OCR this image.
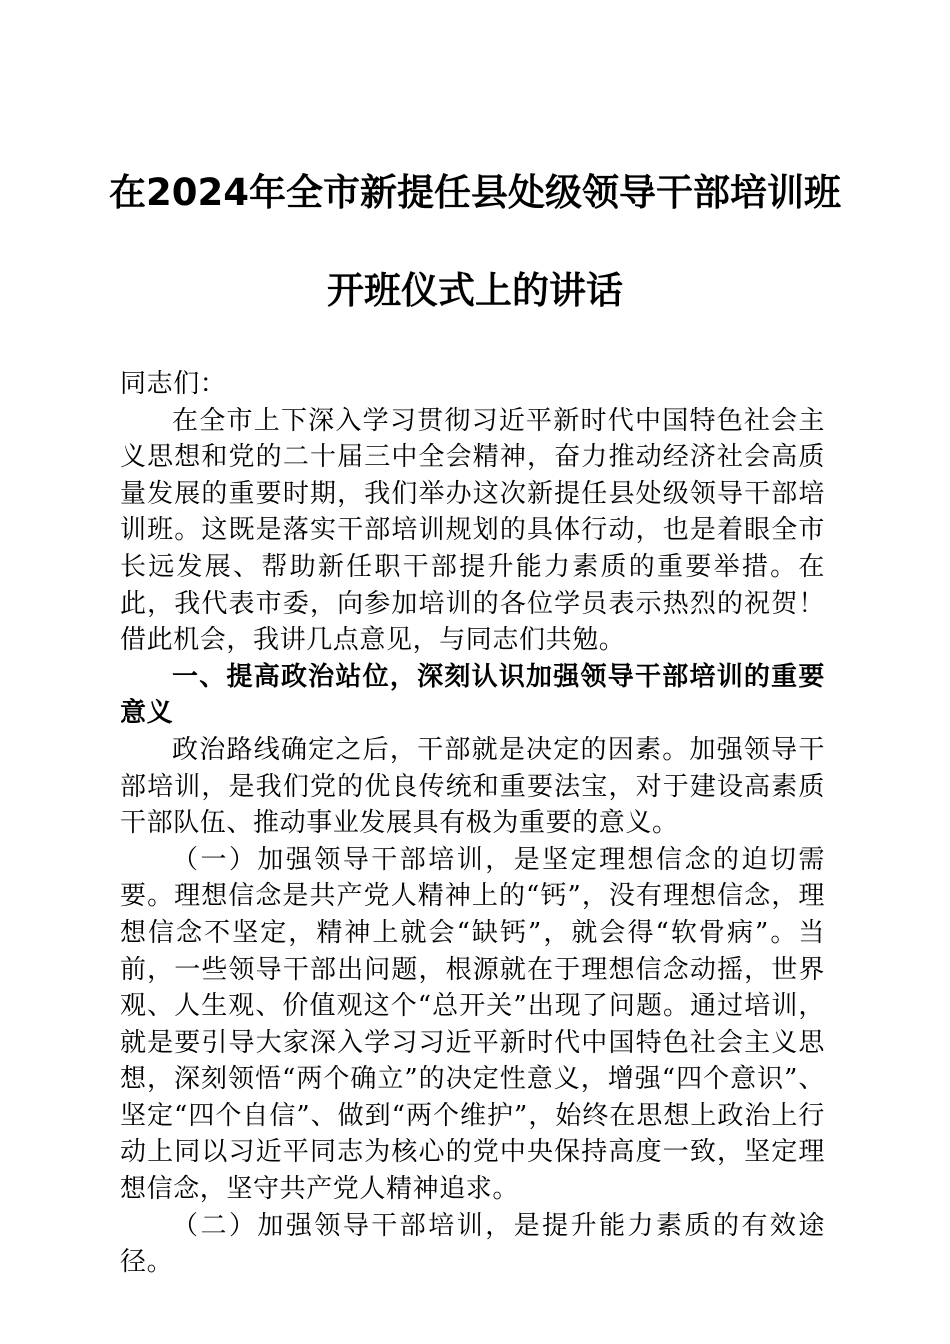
在2024年全市新提任县处级领导干部培训班
开班仪式上的讲话

同志们：

在全市上下深入学习贯彻习近平新时代中国特色社会主义思想和党的二十届三中全会精神，奋力推动经济社会高质量发展的重要时期，我们举办这次新提任县处级领导干部培训班。这既是落实干部培训规划的具体行动，也是着眼全市长远发展、帮助新任职干部提升能力素质的重要举措。在此，我代表市委，向参加培训的各位学员表示热烈的祝贺！借此机会，我讲几点意见，与同志们共勉。

一、提高政治站位，深刻认识加强领导干部培训的重要意义

政治路线确定之后，干部就是决定的因素。加强领导干部培训，是我们党的优良传统和重要法宝，对于建设高素质干部队伍、推动事业发展具有极为重要的意义。

（一）加强领导干部培训，是坚定理想信念的迫切需要。理想信念是共产党人精神上的“钙”，没有理想信念，理想信念不坚定，精神上就会“缺钙”，就会得“软骨病”。当前，一些领导干部出问题，根源就在于理想信念动摇，世界观、人生观、价值观这个“总开关”出现了问题。通过培训，就是要引导大家深入学习习近平新时代中国特色社会主义思想，深刻领悟“两个确立”的决定性意义，增强“四个意识”、坚定“四个自信”、做到“两个维护”，始终在思想上政治上行动上同以习近平同志为核心的党中央保持高度一致，坚定理想信念，坚守共产党人精神追求。

（二）加强领导干部培训，是提升能力素质的有效途径。
